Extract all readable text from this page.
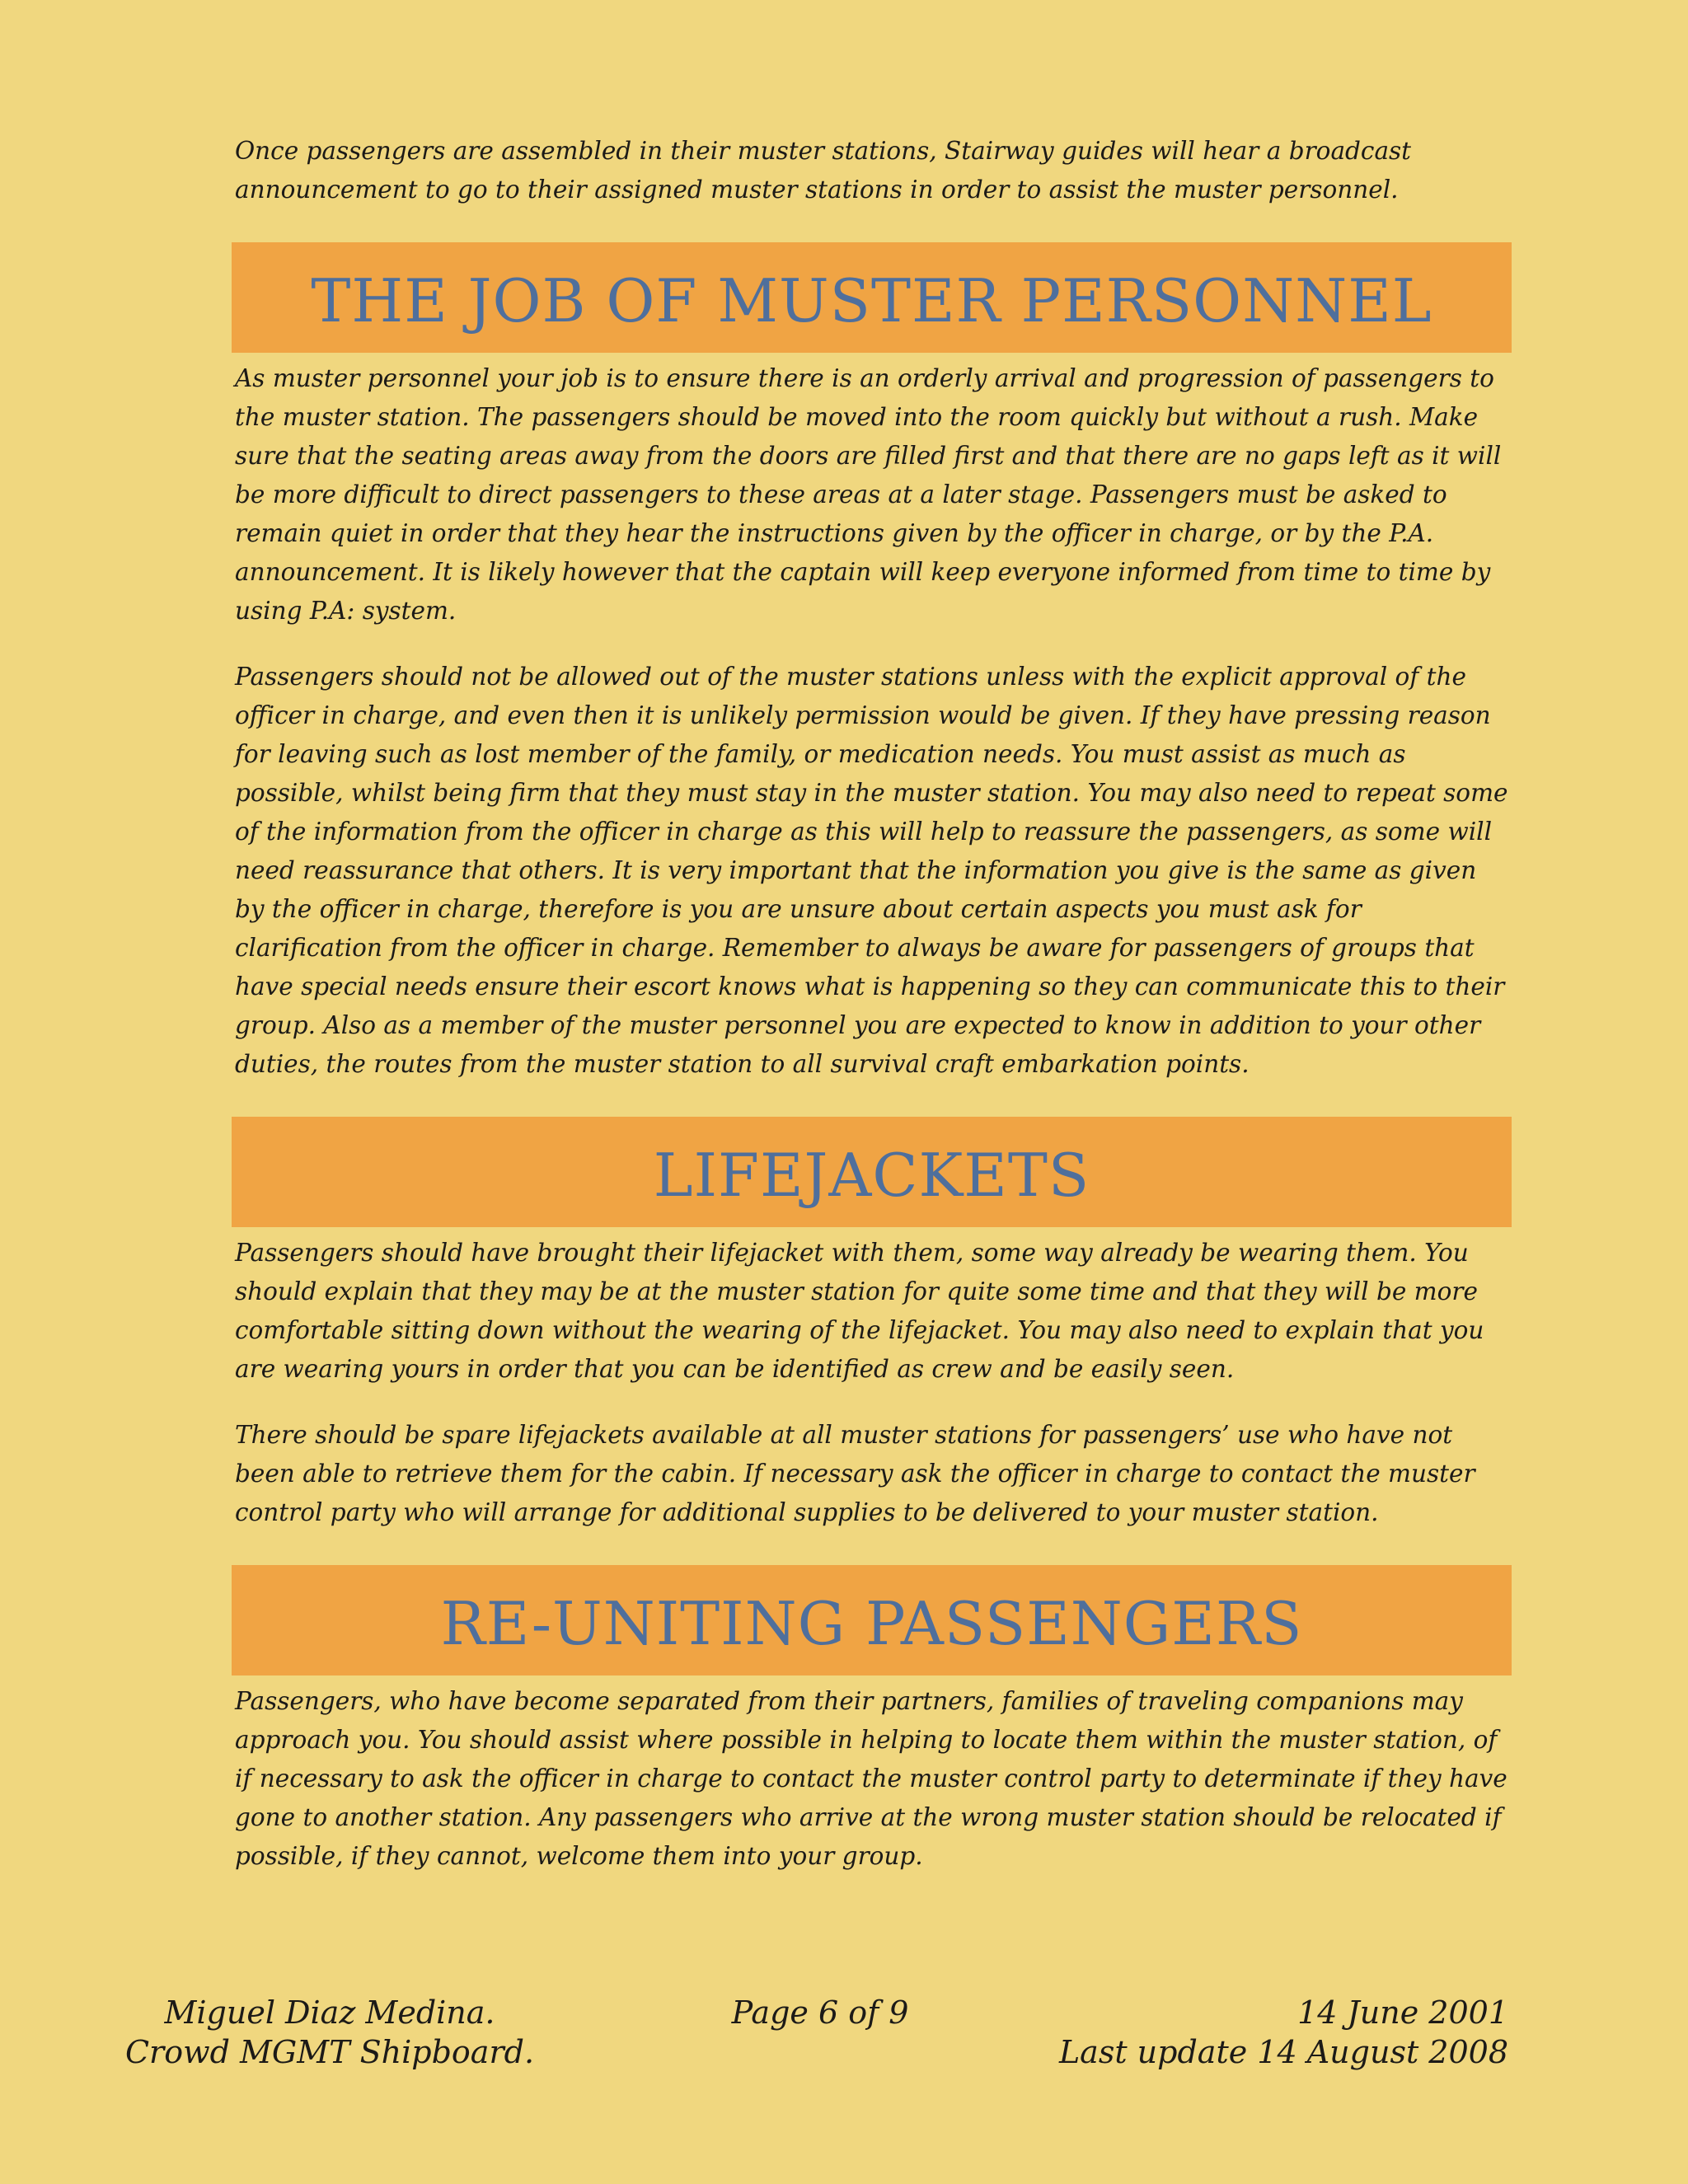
Once passengers are assembled in their muster stations, Stairway guides will hear a broadcast announcement to go to their assigned muster stations in order to assist the muster personnel.

THE JOB OF MUSTER PERSONNEL

As muster personnel your job is to ensure there is an orderly arrival and progression of passengers to the muster station. The passengers should be moved into the room quickly but without a rush. Make sure that the seating areas away from the doors are filled first and that there are no gaps left as it will be more difficult to direct passengers to these areas at a later stage. Passengers must be asked to remain quiet in order that they hear the instructions given by the officer in charge, or by the P.A. announcement. It is likely however that the captain will keep everyone informed from time to time by using P.A: system.

Passengers should not be allowed out of the muster stations unless with the explicit approval of the officer in charge, and even then it is unlikely permission would be given. If they have pressing reason for leaving such as lost member of the family, or medication needs. You must assist as much as possible, whilst being firm that they must stay in the muster station. You may also need to repeat some of the information from the officer in charge as this will help to reassure the passengers, as some will need reassurance that others. It is very important that the information you give is the same as given by the officer in charge, therefore is you are unsure about certain aspects you must ask for clarification from the officer in charge. Remember to always be aware for passengers of groups that have special needs ensure their escort knows what is happening so they can communicate this to their group. Also as a member of the muster personnel you are expected to know in addition to your other duties, the routes from the muster station to all survival craft embarkation points.

LIFEJACKETS

Passengers should have brought their lifejacket with them, some way already be wearing them. You should explain that they may be at the muster station for quite some time and that they will be more comfortable sitting down without the wearing of the lifejacket. You may also need to explain that you are wearing yours in order that you can be identified as crew and be easily seen.

There should be spare lifejackets available at all muster stations for passengers’ use who have not been able to retrieve them for the cabin. If necessary ask the officer in charge to contact the muster control party who will arrange for additional supplies to be delivered to your muster station.

RE-UNITING PASSENGERS

Passengers, who have become separated from their partners, families of traveling companions may approach you. You should assist where possible in helping to locate them within the muster station, of if necessary to ask the officer in charge to contact the muster control party to determinate if they have gone to another station. Any passengers who arrive at the wrong muster station should be relocated if possible, if they cannot, welcome them into your group.

Miguel Diaz Medina.
Crowd MGMT Shipboard.
Page 6 of 9	14 June 2001
Last update 14 August 2008
